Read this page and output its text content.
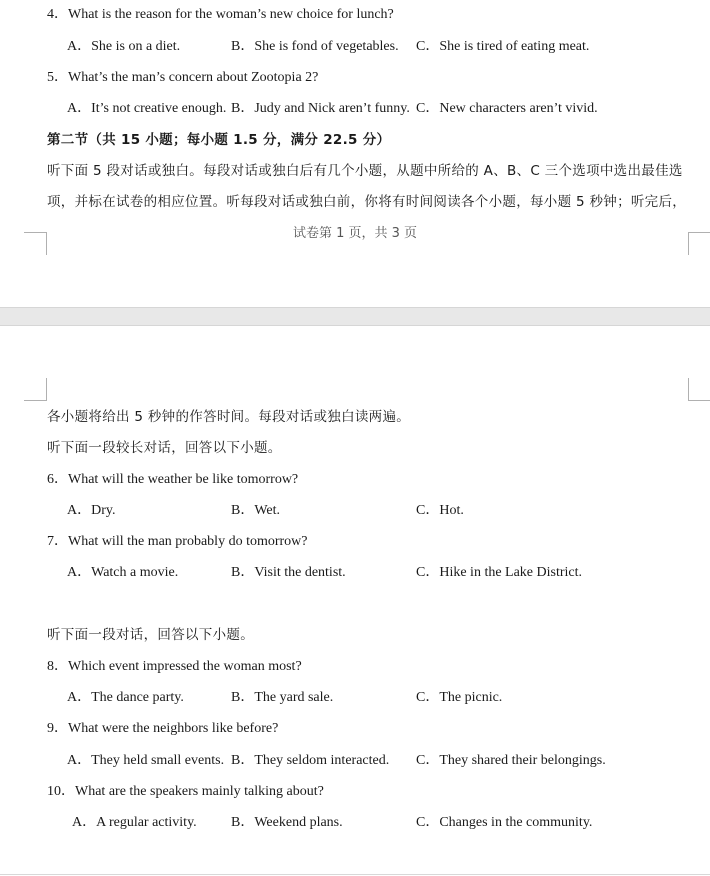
4．What is the reason for the woman’s new choice for lunch?
A．She is on a diet.	B．She is fond of vegetables. C．She is tired of eating meat.
5．What’s the man’s concern about Zootopia 2?
A．It’s not creative enough. B．Judy and Nick aren’t funny. C．New characters aren’t vivid.
第二节（共 15 小题；每小题 1.5 分，满分 22.5 分）
听下面 5 段对话或独白。每段对话或独白后有几个小题，从题中所给的 A、B、C 三个选项中选出最佳选
项，并标在试卷的相应位置。听每段对话或独白前，你将有时间阅读各个小题，每小题 5 秒钟；听完后，
试卷第 1 页，共 3 页
各小题将给出 5 秒钟的作答时间。每段对话或独白读两遍。
听下面一段较长对话，回答以下小题。
6．What will the weather be like tomorrow?
A．Dry.	B．Wet.	C．Hot.
7．What will the man probably do tomorrow?
A．Watch a movie.	B．Visit the dentist.	C．Hike in the Lake District.
听下面一段对话，回答以下小题。
8．Which event impressed the woman most?
A．The dance party.	B．The yard sale.	C．The picnic.
9．What were the neighbors like before?
A．They held small events. B．They seldom interacted. C．They shared their belongings.
10．What are the speakers mainly talking about?
A．A regular activity. B．Weekend plans.	C．Changes in the community.
